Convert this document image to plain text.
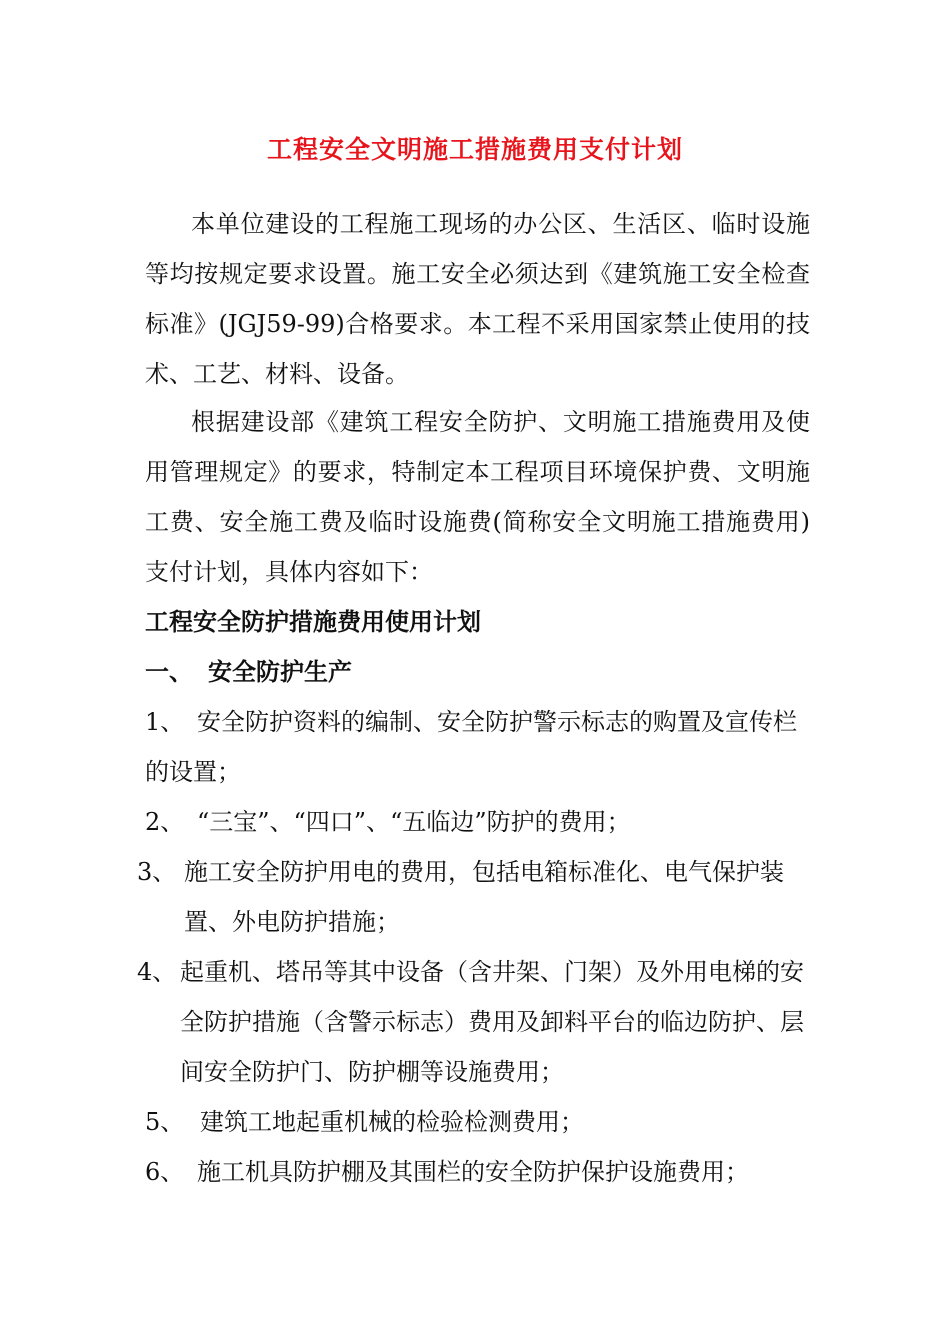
工程安全文明施工措施费用支付计划
本单位建设的工程施工现场的办公区、生活区、临时设施等均按规定要求设置。施工安全必须达到《建筑施工安全检查标准》(JGJ59-99)合格要求。本工程不采用国家禁止使用的技术、工艺、材料、设备。
根据建设部《建筑工程安全防护、文明施工措施费用及使用管理规定》的要求，特制定本工程项目环境保护费、文明施工费、安全施工费及临时设施费(简称安全文明施工措施费用)支付计划，具体内容如下：
工程安全防护措施费用使用计划
一、 安全防护生产
1、 安全防护资料的编制、安全防护警示标志的购置及宣传栏的设置；
2、 “三宝”、“四口”、“五临边”防护的费用；
3、 施工安全防护用电的费用，包括电箱标准化、电气保护装置、外电防护措施；
4、 起重机、塔吊等其中设备（含井架、门架）及外用电梯的安全防护措施（含警示标志）费用及卸料平台的临边防护、层间安全防护门、防护棚等设施费用；
5、 建筑工地起重机械的检验检测费用；
6、 施工机具防护棚及其围栏的安全防护保护设施费用；
